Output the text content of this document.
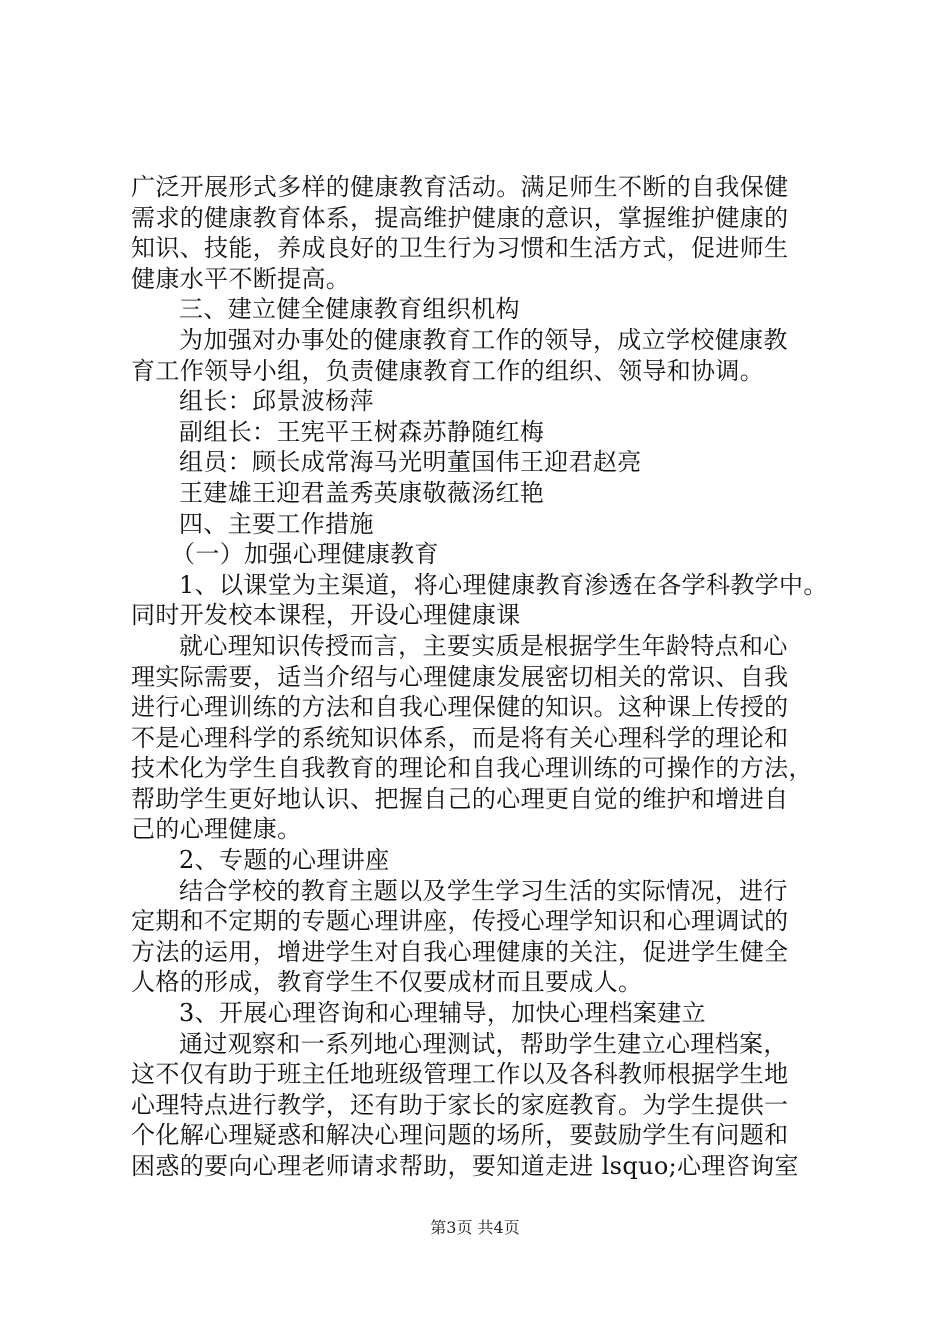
广泛开展形式多样的健康教育活动。满足师生不断的自我保健
需求的健康教育体系，提高维护健康的意识，掌握维护健康的
知识、技能，养成良好的卫生行为习惯和生活方式，促进师生
健康水平不断提高。
三、建立健全健康教育组织机构
为加强对办事处的健康教育工作的领导，成立学校健康教
育工作领导小组，负责健康教育工作的组织、领导和协调。
组长：邱景波杨萍
副组长：王宪平王树森苏静随红梅
组员：顾长成常海马光明董国伟王迎君赵亮
王建雄王迎君盖秀英康敬薇汤红艳
四、主要工作措施
（一）加强心理健康教育
1、以课堂为主渠道，将心理健康教育渗透在各学科教学中。
同时开发校本课程，开设心理健康课
就心理知识传授而言，主要实质是根据学生年龄特点和心
理实际需要，适当介绍与心理健康发展密切相关的常识、自我
进行心理训练的方法和自我心理保健的知识。这种课上传授的
不是心理科学的系统知识体系，而是将有关心理科学的理论和
技术化为学生自我教育的理论和自我心理训练的可操作的方法，
帮助学生更好地认识、把握自己的心理更自觉的维护和增进自
己的心理健康。
2、专题的心理讲座
结合学校的教育主题以及学生学习生活的实际情况，进行
定期和不定期的专题心理讲座，传授心理学知识和心理调试的
方法的运用，增进学生对自我心理健康的关注，促进学生健全
人格的形成，教育学生不仅要成材而且要成人。
3、开展心理咨询和心理辅导，加快心理档案建立
通过观察和一系列地心理测试，帮助学生建立心理档案，
这不仅有助于班主任地班级管理工作以及各科教师根据学生地
心理特点进行教学，还有助于家长的家庭教育。为学生提供一
个化解心理疑惑和解决心理问题的场所，要鼓励学生有问题和
困惑的要向心理老师请求帮助，要知道走进 lsquo;心理咨询室
第3页 共4页
